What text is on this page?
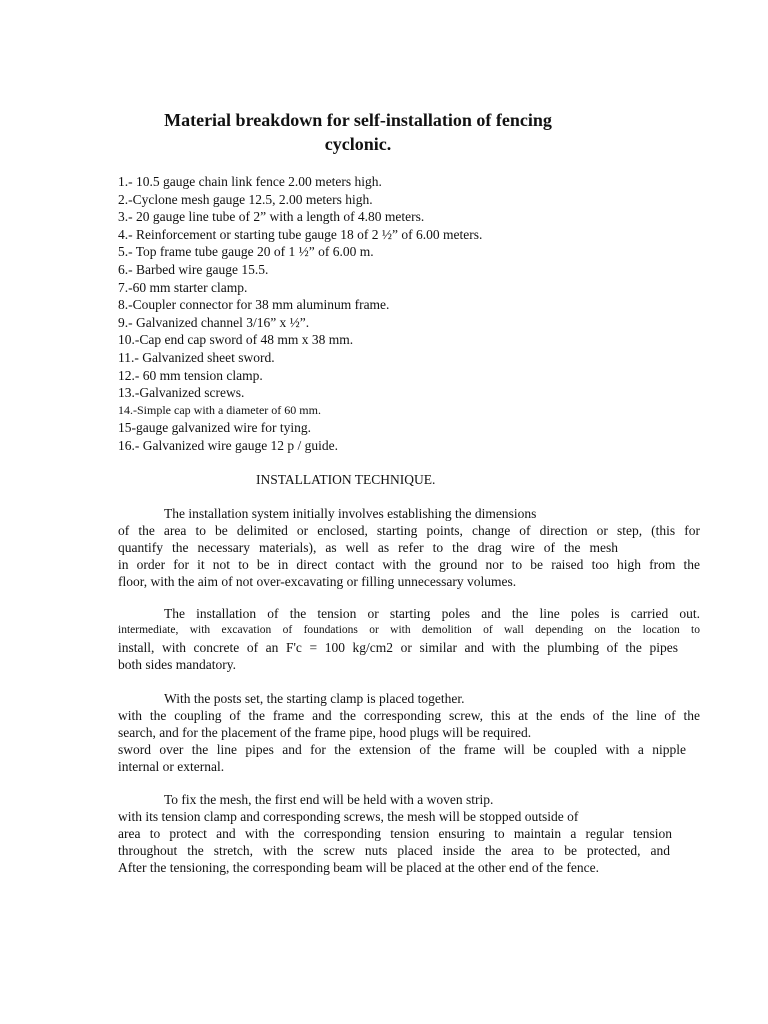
Material breakdown for self-installation of fencing
cyclonic.
1.- 10.5 gauge chain link fence 2.00 meters high.
2.-Cyclone mesh gauge 12.5, 2.00 meters high.
3.- 20 gauge line tube of 2” with a length of 4.80 meters.
4.- Reinforcement or starting tube gauge 18 of 2 ½” of 6.00 meters.
5.- Top frame tube gauge 20 of 1 ½” of 6.00 m.
6.- Barbed wire gauge 15.5.
7.-60 mm starter clamp.
8.-Coupler connector for 38 mm aluminum frame.
9.- Galvanized channel 3/16” x ½”.
10.-Cap end cap sword of 48 mm x 38 mm.
11.- Galvanized sheet sword.
12.- 60 mm tension clamp.
13.-Galvanized screws.
14.-Simple cap with a diameter of 60 mm.
15-gauge galvanized wire for tying.
16.- Galvanized wire gauge 12 p / guide.
INSTALLATION TECHNIQUE.
The installation system initially involves establishing the dimensions
of the area to be delimited or enclosed, starting points, change of direction or step, (this for
quantify the necessary materials), as well as refer to the drag wire of the mesh
in order for it not to be in direct contact with the ground nor to be raised too high from the
floor, with the aim of not over-excavating or filling unnecessary volumes.
The installation of the tension or starting poles and the line poles is carried out.
intermediate, with excavation of foundations or with demolition of wall depending on the location to
install, with concrete of an F'c = 100 kg/cm2 or similar and with the plumbing of the pipes
both sides mandatory.
With the posts set, the starting clamp is placed together.
with the coupling of the frame and the corresponding screw, this at the ends of the line of the
search, and for the placement of the frame pipe, hood plugs will be required.
sword over the line pipes and for the extension of the frame will be coupled with a nipple
internal or external.
To fix the mesh, the first end will be held with a woven strip.
with its tension clamp and corresponding screws, the mesh will be stopped outside of
area to protect and with the corresponding tension ensuring to maintain a regular tension
throughout the stretch, with the screw nuts placed inside the area to be protected, and
After the tensioning, the corresponding beam will be placed at the other end of the fence.
